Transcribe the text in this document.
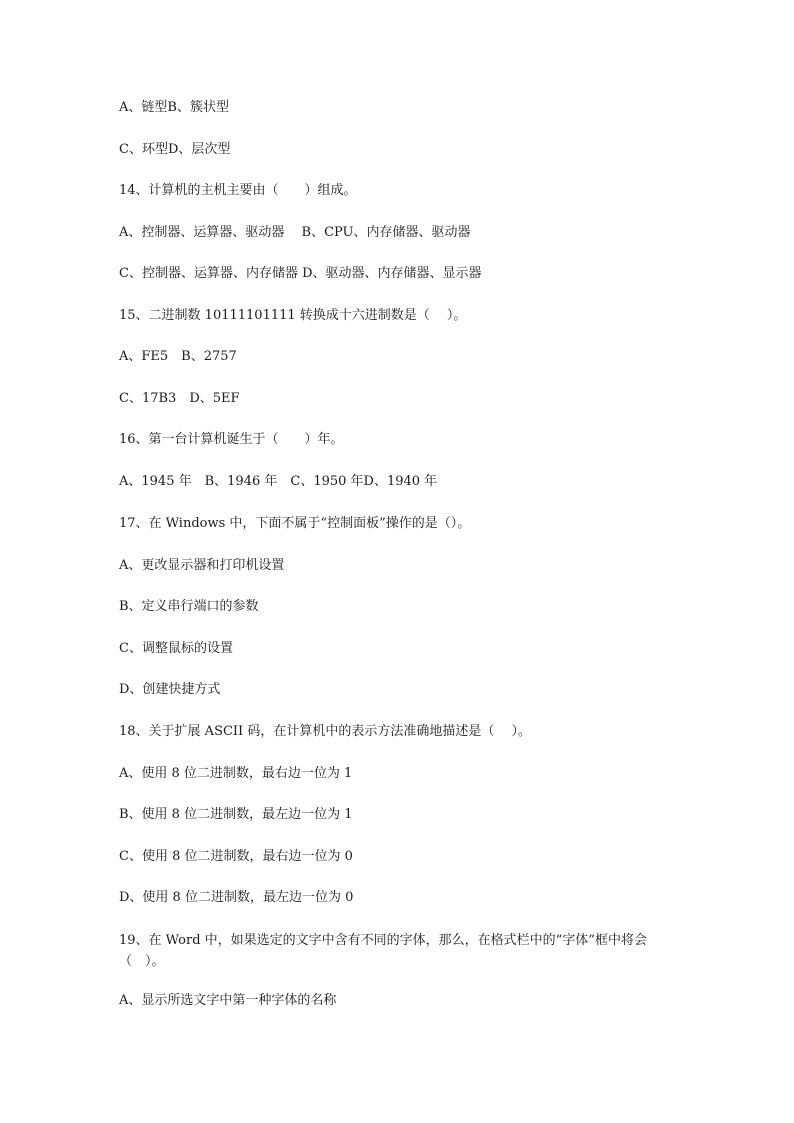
A、链型B、簇状型
C、环型D、层次型
14、计算机的主机主要由（　　）组成。
A、控制器、运算器、驱动器　 B、CPU、内存储器、驱动器
C、控制器、运算器、内存储器 D、驱动器、内存储器、显示器
15、二进制数 10111101111 转换成十六进制数是（　 ）。
A、FE5　B、2757
C、17B3　D、5EF
16、第一台计算机诞生于（　　）年。
A、1945 年　B、1946 年　C、1950 年D、1940 年
17、在 Windows 中，下面不属于“控制面板”操作的是（）。
A、更改显示器和打印机设置
B、定义串行端口的参数
C、调整鼠标的设置
D、创建快捷方式
18、关于扩展 ASCII 码，在计算机中的表示方法准确地描述是（　 ）。
A、使用 8 位二进制数，最右边一位为 1
B、使用 8 位二进制数，最左边一位为 1
C、使用 8 位二进制数，最右边一位为 0
D、使用 8 位二进制数，最左边一位为 0
19、在 Word 中，如果选定的文字中含有不同的字体，那么，在格式栏中的“字体”框中将会（　）。
A、显示所选文字中第一种字体的名称
